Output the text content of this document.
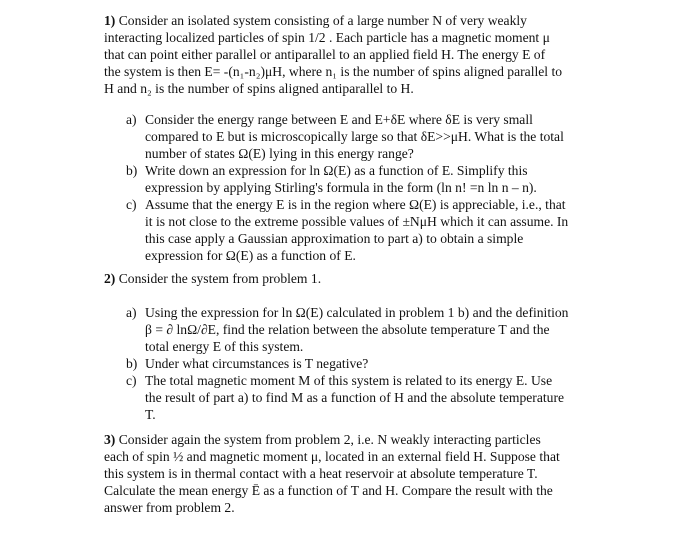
1) Consider an isolated system consisting of a large number N of very weakly
interacting localized particles of spin 1/2 . Each particle has a magnetic moment μ
that can point either parallel or antiparallel to an applied field H. The energy E of
the system is then E= -(n₁-n₂)μH, where n₁ is the number of spins aligned parallel to
H and n₂ is the number of spins aligned antiparallel to H.
a) Consider the energy range between E and E+δE where δE is very small
compared to E but is microscopically large so that δE>>μH. What is the total
number of states Ω(E) lying in this energy range?
b) Write down an expression for ln Ω(E) as a function of E. Simplify this
expression by applying Stirling's formula in the form (ln n! =n ln n – n).
c) Assume that the energy E is in the region where Ω(E) is appreciable, i.e., that
it is not close to the extreme possible values of ±NμH which it can assume. In
this case apply a Gaussian approximation to part a) to obtain a simple
expression for Ω(E) as a function of E.
2) Consider the system from problem 1.
a) Using the expression for ln Ω(E) calculated in problem 1 b) and the definition
β = ∂ lnΩ/∂E, find the relation between the absolute temperature T and the
total energy E of this system.
b) Under what circumstances is T negative?
c) The total magnetic moment M of this system is related to its energy E. Use
the result of part a) to find M as a function of H and the absolute temperature
T.
3) Consider again the system from problem 2, i.e. N weakly interacting particles
each of spin ½ and magnetic moment μ, located in an external field H. Suppose that
this system is in thermal contact with a heat reservoir at absolute temperature T.
Calculate the mean energy Ē as a function of T and H. Compare the result with the
answer from problem 2.
